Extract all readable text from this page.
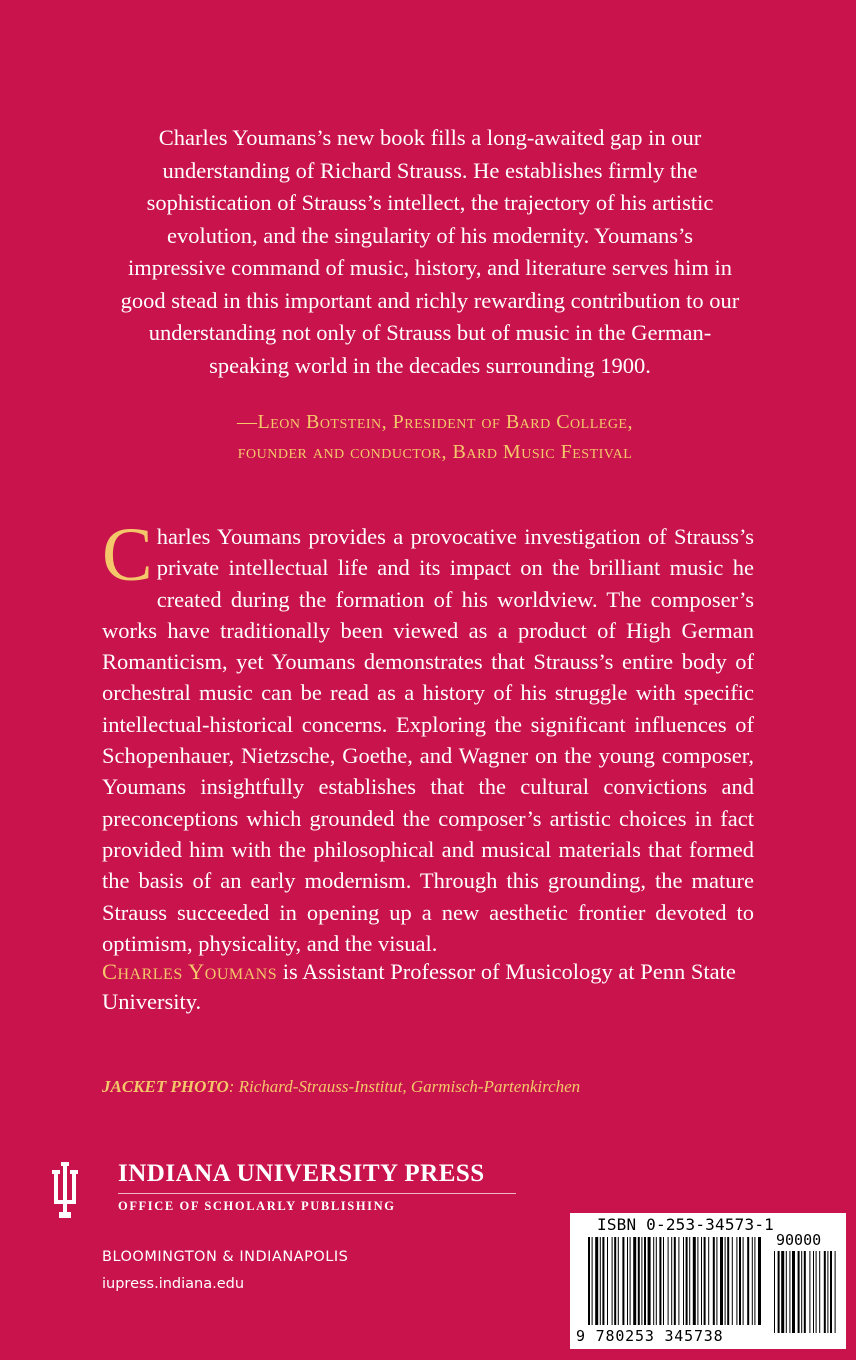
Charles Youmans’s new book fills a long-awaited gap in our understanding of Richard Strauss. He establishes firmly the sophistication of Strauss’s intellect, the trajectory of his artistic evolution, and the singularity of his modernity. Youmans’s impressive command of music, history, and literature serves him in good stead in this important and richly rewarding contribution to our understanding not only of Strauss but of music in the German-speaking world in the decades surrounding 1900.

—Leon Botstein, President of Bard College,
founder and conductor, Bard Music Festival

Charles Youmans provides a provocative investigation of Strauss’s private intellectual life and its impact on the brilliant music he created during the formation of his worldview. The composer’s works have traditionally been viewed as a product of High German Romanticism, yet Youmans demonstrates that Strauss’s entire body of orchestral music can be read as a history of his struggle with specific intellectual-historical concerns. Exploring the significant influences of Schopenhauer, Nietzsche, Goethe, and Wagner on the young composer, Youmans insightfully establishes that the cultural convictions and preconceptions which grounded the composer’s artistic choices in fact provided him with the philosophical and musical materials that formed the basis of an early modernism. Through this grounding, the mature Strauss succeeded in opening up a new aesthetic frontier devoted to optimism, physicality, and the visual.

Charles Youmans is Assistant Professor of Musicology at Penn State University.

JACKET PHOTO: Richard-Strauss-Institut, Garmisch-Partenkirchen

INDIANA UNIVERSITY PRESS
OFFICE OF SCHOLARLY PUBLISHING
BLOOMINGTON & INDIANAPOLIS
iupress.indiana.edu
ISBN 0-253-34573-1
90000
9 780253 345738
